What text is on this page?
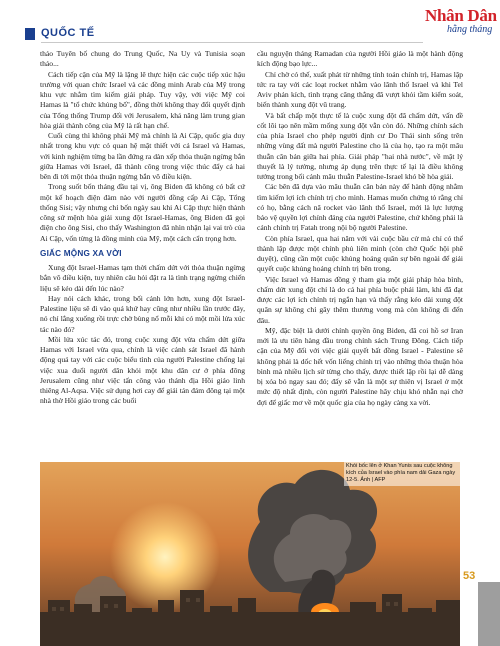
QUỐC TẾ
Nhân Dân
hằng tháng

thảo Tuyên bố chung do Trung Quốc, Na Uy và Tunisia soạn thảo...

Cách tiếp cận của Mỹ là lặng lẽ thực hiện các cuộc tiếp xúc hậu trường với quan chức Israel và các đồng minh Arab của Mỹ trong khu vực nhằm tìm kiếm giải pháp. Tuy vậy, với việc Mỹ coi Hamas là "tổ chức khủng bố", đồng thời không thay đổi quyết định của Tổng thống Trump đối với Jerusalem, khả năng làm trung gian hòa giải thành công của Mỹ là rất hạn chế.

Cuối cùng thì không phải Mỹ mà chính là Ai Cập, quốc gia duy nhất trong khu vực có quan hệ mật thiết với cả Israel và Hamas, với kinh nghiệm từng ba lần đứng ra dàn xếp thỏa thuận ngừng bắn giữa Hamas với Israel, đã thành công trong việc thúc đẩy cả hai bên đi tới một thỏa thuận ngừng bắn vô điều kiện.

Trong suốt bốn tháng đầu tại vị, ông Biden đã không có bất cứ một kế hoạch điện đàm nào với người đồng cấp Ai Cập, Tổng thống Sisi; vậy nhưng chỉ bốn ngày sau khi Ai Cập thực hiện thành công sứ mệnh hòa giải xung đột Israel-Hamas, ông Biden đã gọi điện cho ông Sisi, cho thấy Washington đã nhìn nhận lại vai trò của Ai Cập, vốn từng là đồng minh của Mỹ, một cách cẩn trọng hơn.

GIẤC MỘNG XA VỜI

Xung đột Israel-Hamas tạm thời chấm dứt với thỏa thuận ngừng bắn vô điều kiện, tuy nhiên câu hỏi đặt ra là tình trạng ngừng chiến liệu sẽ kéo dài đến lúc nào?

Hay nói cách khác, trong bối cảnh lớn hơn, xung đột Israel-Palestine liệu sẽ đi vào quá khứ hay cũng như nhiều lần trước đây, nó chỉ lắng xuống rồi trực chờ bùng nổ mỗi khi có một mồi lửa xúc tác nào đó?

Mồi lửa xúc tác đó, trong cuộc xung đột vừa chấm dứt giữa Hamas với Israel vừa qua, chính là việc cảnh sát Israel đã hành động quá tay với các cuộc biểu tình của người Palestine chống lại việc xua đuổi người dân khỏi một khu dân cư ở phía đông Jerusalem cũng như việc tấn công vào thánh địa Hồi giáo linh thiêng Al-Aqsa. Việc sử dụng hơi cay để giải tán đám đông tại một nhà thờ Hồi giáo trong các buổi

cầu nguyện tháng Ramadan của người Hồi giáo là một hành động kích động bạo lực...

Chỉ chờ có thế, xuất phát từ những tính toán chính trị, Hamas lập tức ra tay với các loạt rocket nhằm vào lãnh thổ Israel và khi Tel Aviv phản kích, tình trạng căng thẳng đã vượt khỏi tầm kiểm soát, biến thành xung đột vũ trang.

Và bất chấp một thực tế là cuộc xung đột đã chấm dứt, vấn đề cốt lõi tạo nên mầm mống xung đột vẫn còn đó. Những chính sách của phía Israel cho phép người định cư Do Thái sinh sống trên những vùng đất mà người Palestine cho là của họ, tạo ra một mâu thuẫn căn bản giữa hai phía. Giải pháp "hai nhà nước", về mặt lý thuyết là lý tưởng, nhưng áp dụng trên thực tế lại là điều không tưởng trong bối cảnh mâu thuẫn Palestine-Israel khó bề hòa giải.

Các bên đã dựa vào mâu thuẫn căn bản này để hành động nhằm tìm kiếm lợi ích chính trị cho mình. Hamas muốn chứng tỏ rằng chỉ có họ, bằng cách nã rocket vào lãnh thổ Israel, mới là lực lượng bảo vệ quyền lợi chính đáng của người Palestine, chứ không phải là cánh chính trị Fatah trong nội bộ người Palestine.

Còn phía Israel, qua hai năm với vài cuộc bầu cử mà chỉ có thể thành lập được một chính phủ liên minh (còn chờ Quốc hội phê duyệt), cũng cần một cuộc khủng hoảng quân sự bên ngoài để giải quyết cuộc khủng hoảng chính trị bên trong.

Việc Israel và Hamas đồng ý tham gia một giải pháp hòa bình, chấm dứt xung đột chỉ là do cả hai phía buộc phải làm, khi đã đạt được các lợi ích chính trị ngắn hạn và thấy rằng kéo dài xung đột quân sự không chỉ gây thêm thương vong mà còn không đi đến đâu.

Mỹ, đặc biệt là dưới chính quyền ông Biden, đã coi hồ sơ Iran mới là ưu tiên hàng đầu trong chính sách Trung Đông. Cách tiếp cận của Mỹ đối với việc giải quyết bất đồng Israel - Palestine sẽ không phải là dốc hết vốn liếng chính trị vào những thỏa thuận hòa bình mà nhiều lịch sử từng cho thấy, được thiết lập rồi lại dễ dàng bị xóa bỏ ngay sau đó; đấy sẽ vẫn là một sự thiên vị Israel ở một mức độ nhất định, còn người Palestine hãy chịu khó nhẫn nại chờ đợi để giấc mơ về một quốc gia của họ ngày càng xa vời.

Khói bốc lên ở Khan Yunis sau cuộc không kích của Israel vào phía nam dải Gaza ngày 12-5. Ảnh | AFP
53
